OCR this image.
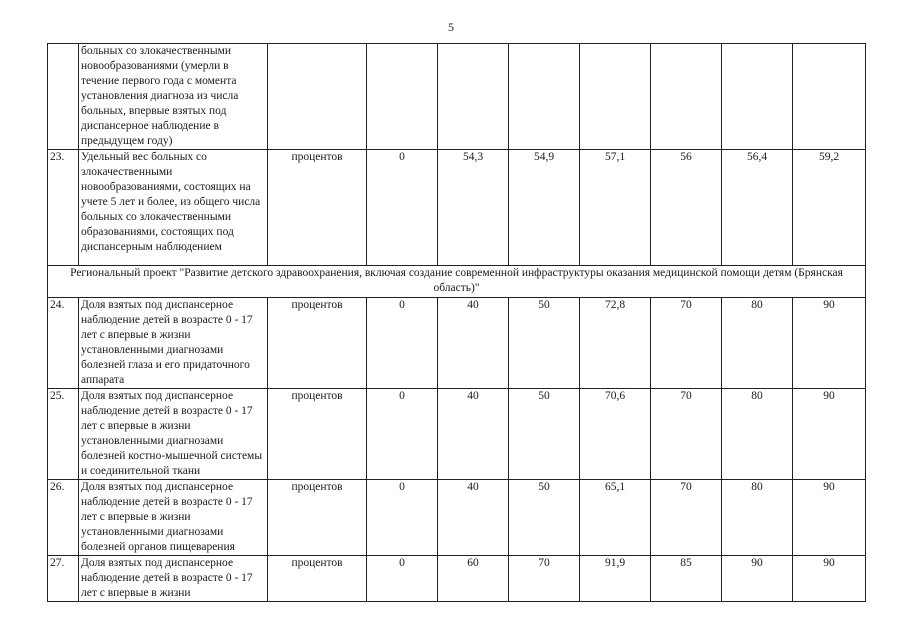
5
	больных со злокачественными новообразованиями (умерли в течение первого года с момента установления диагноза из числа больных, впервые взятых под диспансерное наблюдение в предыдущем году)								
23.	Удельный вес больных со злокачественными новообразованиями, состоящих на учете 5 лет и более, из общего числа больных со злокачественными образованиями, состоящих под диспансерным наблюдением	процентов	0	54,3	54,9	57,1	56	56,4	59,2
Региональный проект "Развитие детского здравоохранения, включая создание современной инфраструктуры оказания медицинской помощи детям (Брянская область)"									
24.	Доля взятых под диспансерное наблюдение детей в возрасте 0 - 17 лет с впервые в жизни установленными диагнозами болезней глаза и его придаточного аппарата	процентов	0	40	50	72,8	70	80	90
25.	Доля взятых под диспансерное наблюдение детей в возрасте 0 - 17 лет с впервые в жизни установленными диагнозами болезней костно-мышечной системы и соединительной ткани	процентов	0	40	50	70,6	70	80	90
26.	Доля взятых под диспансерное наблюдение детей в возрасте 0 - 17 лет с впервые в жизни установленными диагнозами болезней органов пищеварения	процентов	0	40	50	65,1	70	80	90
27.	Доля взятых под диспансерное наблюдение детей в возрасте 0 - 17 лет с впервые в жизни	процентов	0	60	70	91,9	85	90	90
